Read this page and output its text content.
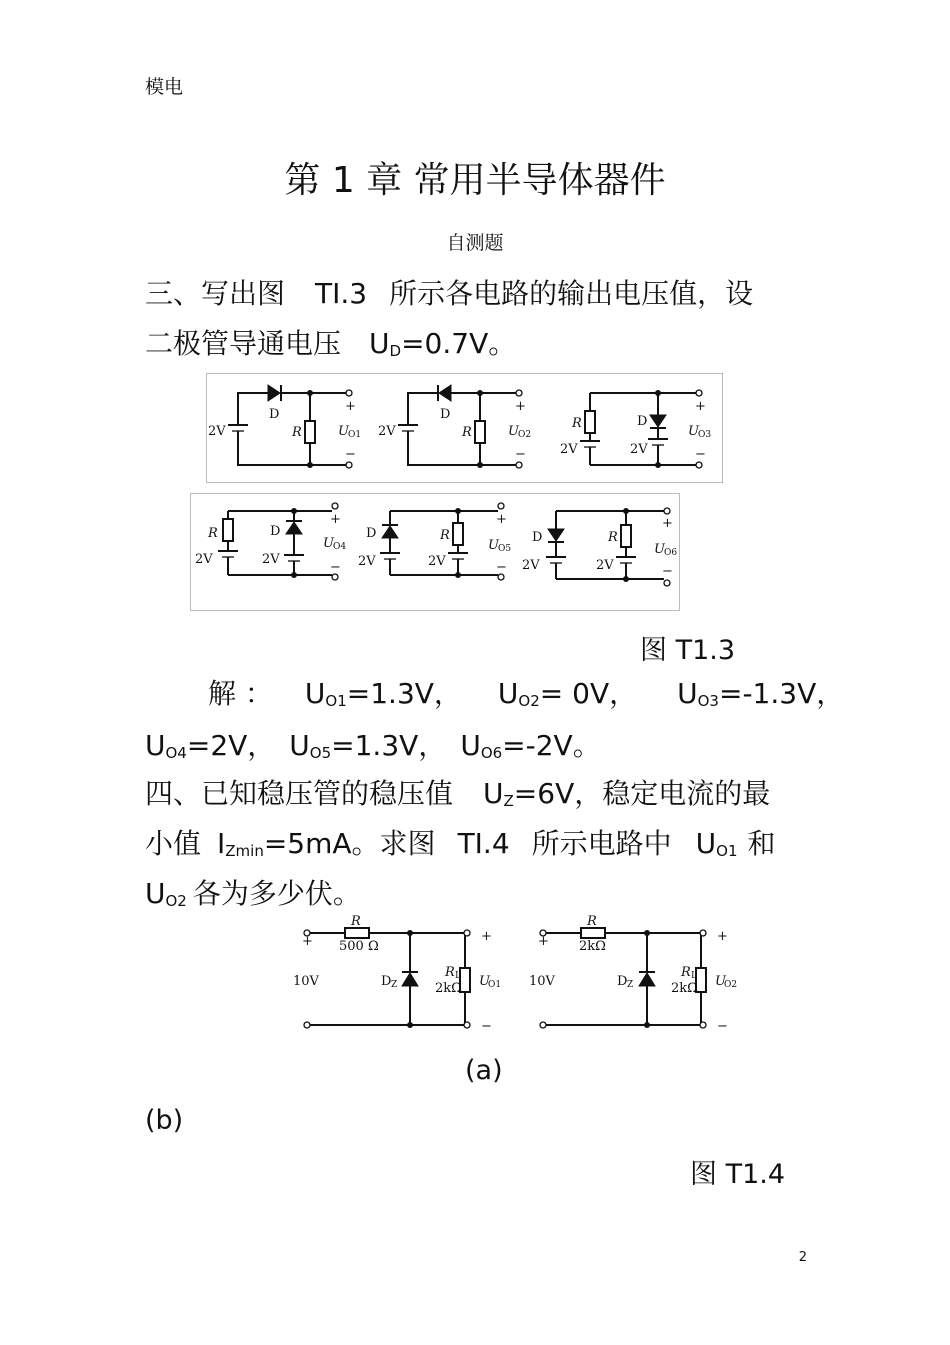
模电
第 1 章 常用半导体器件
自测题
三、写出图 TI.3 所示各电路的输出电压值，设
二极管导通电压 $U_D=0.7V$。
D
R
2V
+
−
U O1
D
R
2V
+
−
U O2
R
2V
D
2V
+
−
U O3
R
2V
D
2V
+
−
U O4
D
2V
R
2V
+
−
U O5
D
2V
R
2V
+
−
U O6
图 T1.3
解 ： $U_{O1}=1.3V$， $U_{O2}= 0V$， $U_{O3}=-1.3V$，
$U_{O4}=2V$， $U_{O5}=1.3V$， $U_{O6}=-2V$。
四、已知稳压管的稳压值 $U_Z=6V$，稳定电流的最
小值 $I_{Zmin}=5mA$。求图 TI.4 所示电路中 $U_{O1}$ 和
$U_{O2}$ 各为多少伏。
+
R
500 Ω
10V	D Z
R L
2kΩ U
O1
+
−
+
R
2kΩ
10V	D Z
R L
2kΩ U
O2
+
−
(a)
(b)
图 T1.4
2
